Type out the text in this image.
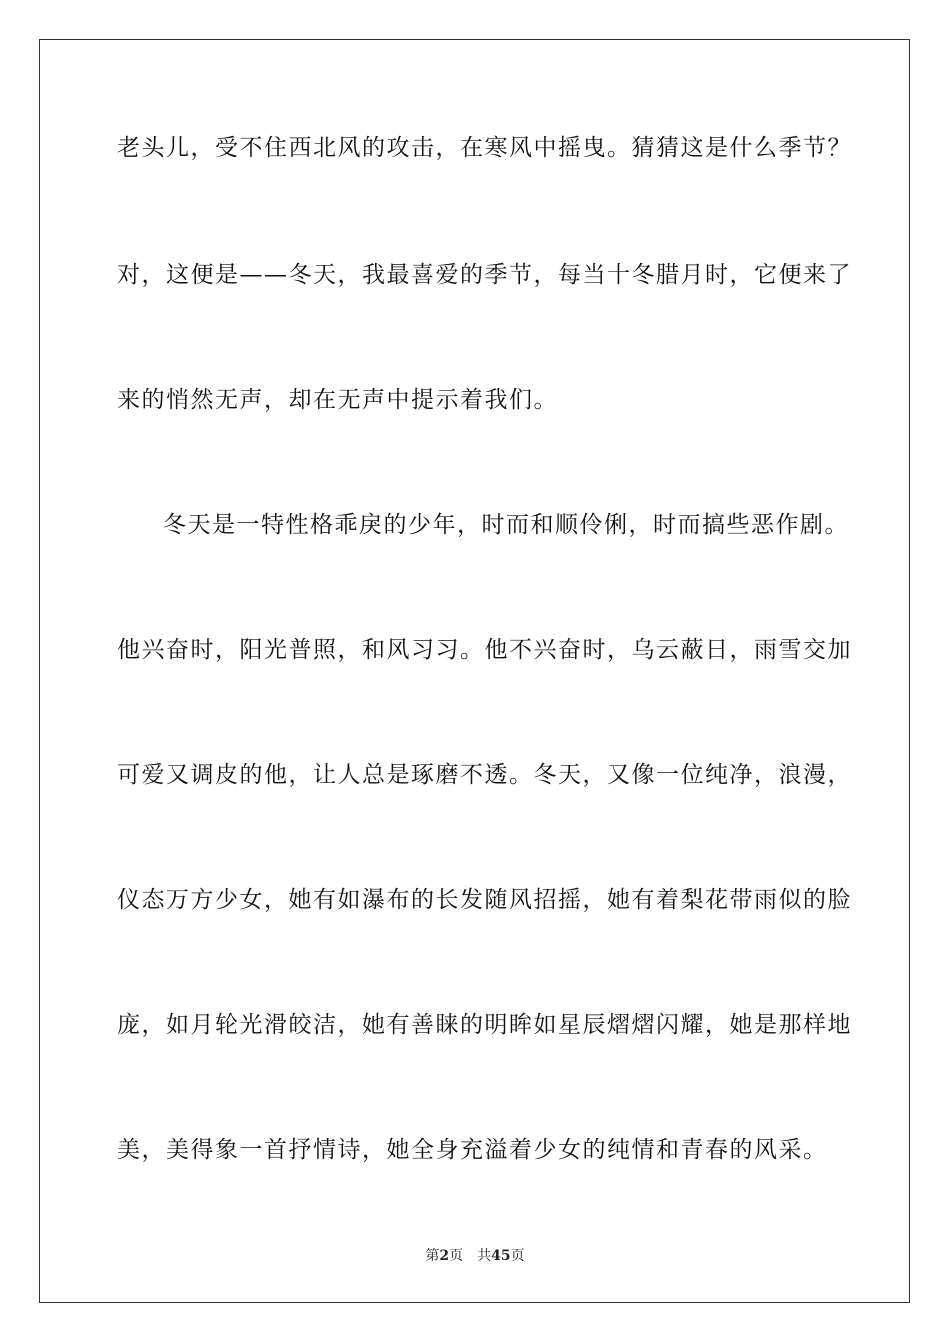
老头儿，受不住西北风的攻击，在寒风中摇曳。猜猜这是什么季节？
对，这便是——冬天，我最喜爱的季节，每当十冬腊月时，它便来了
来的悄然无声，却在无声中提示着我们。
冬天是一特性格乖戾的少年，时而和顺伶俐，时而搞些恶作剧。
他兴奋时，阳光普照，和风习习。他不兴奋时，乌云蔽日，雨雪交加
可爱又调皮的他，让人总是琢磨不透。冬天，又像一位纯净，浪漫，
仪态万方少女，她有如瀑布的长发随风招摇，她有着梨花带雨似的脸
庞，如月轮光滑皎洁，她有善睐的明眸如星辰熠熠闪耀，她是那样地
美，美得象一首抒情诗，她全身充溢着少女的纯情和青春的风采。
第2页 共45页
